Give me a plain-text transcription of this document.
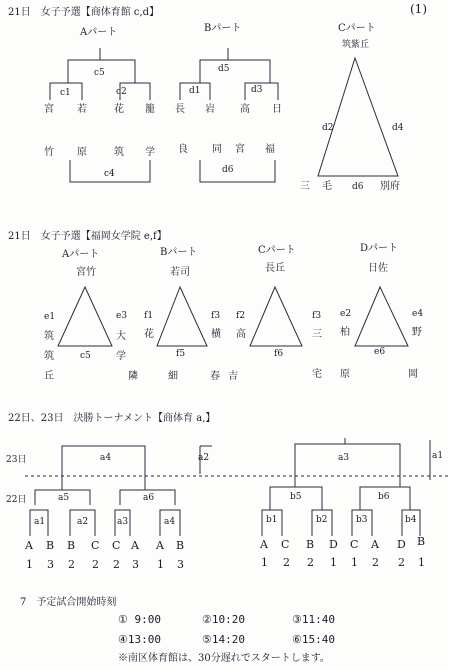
(1)
21日　女子予選【商体育館 c,d】
Aパート	Bパート	Cパート
筑紫丘
c5
c1	c2
宮 若	花 籠
竹 原	筑 学
c4
d5
d1	d3
長 岩	高 日
良 同 宮 福
d6
d2	d4
三 毛 d6 別府
21日　女子予選【福岡女学院 e,f】
Aパート
宮竹
e1	e3
筑	大
筑	c5	学
Bパート
若司
f1	f3
花	横
f5
Cパート
長丘
f2	f3
高	三
f6
Dパート
日佐
e2	e4
柏	野
e6
丘	隣	細	春 吉	宅 原	岡
22日、23日　決勝トーナメント【商体育 a,】
23日
22日
a4	a2
a5	a6
a1	a2	a3	a4
a3	a1
b5	b6
b1	b2	b3	b4
A B B C C A A B
1 3 2 2 2 3 1 3
A C B D C A D B
1 2 2 1 1 2 2 1
7　予定試合開始時刻
① 9:00	②10:20	③11:40
④13:00	⑤14:20	⑥15:40
※南区体育館は、30分遅れでスタートします。
